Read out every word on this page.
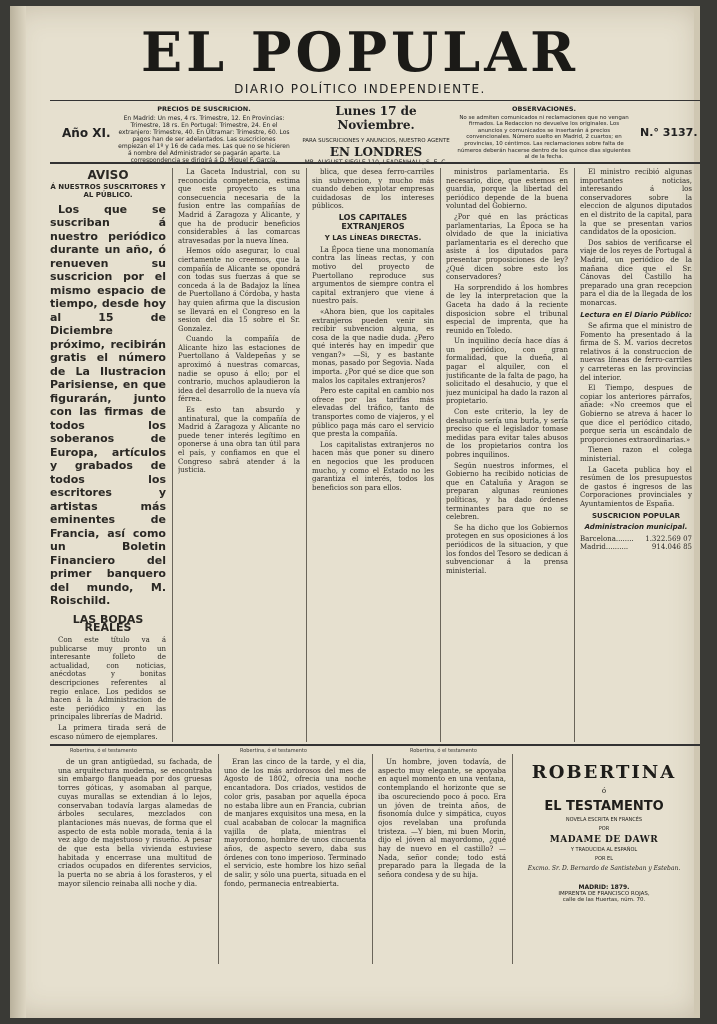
EL POPULAR
DIARIO POLÍTICO INDEPENDIENTE.
Año XI.
PRECIOS DE SUSCRICION.
En Madrid: Un mes, 4 rs. Trimestre, 12. En Provincias: Trimestre, 18 rs. En Portugal: Trimestre, 24. En el extranjero: Trimestre, 40. En Ultramar: Trimestre, 60. Los pagos han de ser adelantados. Las suscriciones empiezan el 1º y 16 de cada mes. Las que no se hicieren á nombre del Administrador se pagarán aparte. La correspondencia se dirigirá á D. Miguel F. García.
Lunes 17 de Noviembre.
PARA SUSCRICIONES Y ANUNCIOS, NUESTRO AGENTE
EN LONDRES
MR. AUGUST SIEGLE 110, LEADENHALL, S. E. C.
OBSERVACIONES.
No se admiten comunicados ni reclamaciones que no vengan firmados. La Redaccion no devuelve los originales. Los anuncios y comunicados se insertarán á precios convencionales. Número suelto en Madrid, 2 cuartos; en provincias, 10 céntimos. Las reclamaciones sobre falta de números deberán hacerse dentro de los quince dias siguientes al de la fecha.
N.° 3137.
AVISO
Á NUESTROS SUSCRITORES Y AL PÚBLICO.

Los que se suscriban á nuestro periódico durante un año, ó renueven su suscricion por el mismo espacio de tiempo, desde hoy al 15 de Diciembre próximo, recibirán gratis el número de La Ilustracion Parisiense, en que figurarán, junto con las firmas de todos los soberanos de Europa, artículos y grabados de todos los escritores y artistas más eminentes de Francia, así como un Boletin Financiero del primer banquero del mundo, M. Roischild.

LAS BODAS REALES

Con este título va á publicarse muy pronto un interesante folleto de actualidad, con noticias, anécdotas y bonitas descripciones referentes al regio enlace. Los pedidos se hacen á la Administracion de este periódico y en las principales librerías de Madrid.

La primera tirada será de escaso número de ejemplares.

La Gaceta Industrial, con su reconocida competencia, estima que este proyecto es una consecuencia necesaria de la fusion entre las compañías de Madrid á Zaragoza y Alicante, y que ha de producir beneficios considerables á las comarcas atravesadas por la nueva línea.

Hemos oído asegurar, lo cual ciertamente no creemos, que la compañía de Alicante se opondrá con todas sus fuerzas á que se conceda á la de Badajoz la línea de Puertollano á Córdoba, y hasta hay quien afirma que la discusion se llevará en el Congreso en la sesion del dia 15 sobre el Sr. Gonzalez.

Cuando la compañía de Alicante hizo las estaciones de Puertollano á Valdepeñas y se aproximó á nuestras comarcas, nadie se opuso á ello; por el contrario, muchos aplaudieron la idea del desarrollo de la nueva vía férrea.

Es esto tan absurdo y antinatural, que la compañía de Madrid á Zaragoza y Alicante no puede tener interés legítimo en oponerse á una obra tan útil para el país, y confiamos en que el Congreso sabrá atender á la justicia.

blica, que desea ferro-carriles sin subvencion, y mucho más cuando deben explotar empresas cuidadosas de los intereses públicos.

LOS CAPITALES EXTRANJEROS
Y LAS LÍNEAS DIRECTAS.

La Época tiene una monomanía contra las líneas rectas, y con motivo del proyecto de Puertollano reproduce sus argumentos de siempre contra el capital extranjero que viene á nuestro país.

«Ahora bien, que los capitales extranjeros pueden venir sin recibir subvencion alguna, es cosa de la que nadie duda. ¿Pero qué interés hay en impedir que vengan?» —Si, y es bastante monas, pasado por Segovia. Nada importa. ¿Por qué se dice que son malos los capitales extranjeros?

Pero este capital en cambio nos ofrece por las tarifas más elevadas del tráfico, tanto de transportes como de viajeros, y el público paga más caro el servicio que presta la compañía.

Los capitalistas extranjeros no hacen más que poner su dinero en negocios que les producen mucho, y como el Estado no les garantiza el interés, todos los beneficios son para ellos.

ministros parlamentaria. Es necesario, dice, que estemos en guardia, porque la libertad del periódico depende de la buena voluntad del Gobierno.

¿Por qué en las prácticas parlamentarias, La Época se ha olvidado de que la iniciativa parlamentaria es el derecho que asiste á los diputados para presentar proposiciones de ley? ¿Qué dicen sobre esto los conservadores?

Ha sorprendido á los hombres de ley la interpretacion que la Gaceta ha dado á la reciente disposicion sobre el tribunal especial de imprenta, que ha reunido en Toledo.

Un inquilino decía hace días á un periódico, con gran formalidad, que la dueña, al pagar el alquiler, con el justificante de la falta de pago, ha solicitado el desahucio, y que el juez municipal ha dado la razon al propietario.

Con este criterio, la ley de desahucio sería una burla, y sería preciso que el legislador tomase medidas para evitar tales abusos de los propietarios contra los pobres inquilinos.

Según nuestros informes, el Gobierno ha recibido noticias de que en Cataluña y Aragon se preparan algunas reuniones políticas, y ha dado órdenes terminantes para que no se celebren.

Se ha dicho que los Gobiernos protegen en sus oposiciones á los periódicos de la situacion, y que los fondos del Tesoro se dedican á subvencionar á la prensa ministerial.

El ministro recibió algunas importantes noticias, interesando á los conservadores sobre la eleccion de algunos diputados en el distrito de la capital, para la que se presentan varios candidatos de la oposicion.

Dos sabios de verificarse el viaje de los reyes de Portugal á Madrid, un periódico de la mañana dice que el Sr. Cánovas del Castillo ha preparado una gran recepcion para el dia de la llegada de los monarcas.

Lectura en El Diario Público:

Se afirma que el ministro de Fomento ha presentado á la firma de S. M. varios decretos relativos á la construccion de nuevas líneas de ferro-carriles y carreteras en las provincias del interior.

El Tiempo, despues de copiar los anteriores párrafos, añade: «No creemos que el Gobierno se atreva á hacer lo que dice el periódico citado, porque seria un escándalo de proporciones extraordinarias.»

Tienen razon el colega ministerial.

La Gaceta publica hoy el resúmen de los presupuestos de gastos é ingresos de las Corporaciones provinciales y Ayuntamientos de España.

SUSCRICION POPULAR
Administracion municipal.
Barcelona........ 1.322.569 07
Madrid..........	914.046 85
Robertina, ó el testamento	Robertina, ó el testamento	Robertina, ó el testamento

de un gran antigüedad, su fachada, de una arquitectura moderna, se encontraba sin embargo flanqueada por dos gruesas torres góticas, y asomaban al parque, cuyas murallas se extendian á lo lejos, conservaban todavía largas alamedas de árboles seculares, mezclados con plantaciones más nuevas, de forma que el aspecto de esta noble morada, tenia á la vez algo de majestuoso y risueño. A pesar de que esta bella vivienda estuviese habitada y encerrase una multitud de criados ocupados en diferentes servicios, la puerta no se abria á los forasteros, y el mayor silencio reinaba alli noche y dia.

Eran las cinco de la tarde, y el dia, uno de los más ardorosos del mes de Agosto de 1802, ofrecia una noche encantadora. Dos criados, vestidos de color gris, pasaban por aquella época no estaba libre aun en Francia, cubrian de manjares exquisitos una mesa, en la cual acababan de colocar la magnifica vajilla de plata, mientras el mayordomo, hombre de unos cincuenta años, de aspecto severo, daba sus órdenes con tono imperioso. Terminado el servicio, este hombre los hizo señal de salir, y sólo una puerta, situada en el fondo, permanecia entreabierta.

Un hombre, joven todavía, de aspecto muy elegante, se apoyaba en aquel momento en una ventana, contemplando el horizonte que se iba oscureciendo poco á poco. Era un jóven de treinta años, de fisonomía dulce y simpática, cuyos ojos revelaban una profunda tristeza. —Y bien, mi buen Morin, dijo el jóven al mayordomo, ¿qué hay de nuevo en el castillo? —Nada, señor conde; todo está preparado para la llegada de la señora condesa y de su hija.

ROBERTINA
ó
EL TESTAMENTO
NOVELA ESCRITA EN FRANCÉS
POR
MADAME DE DAWR
Y TRADUCIDA AL ESPAÑOL
POR EL
Excmo. Sr. D. Bernardo de Santisteban y Esteban.
MADRID: 1879.
IMPRENTA DE FRANCISCO ROJAS,
calle de las Huertas, núm. 70.
